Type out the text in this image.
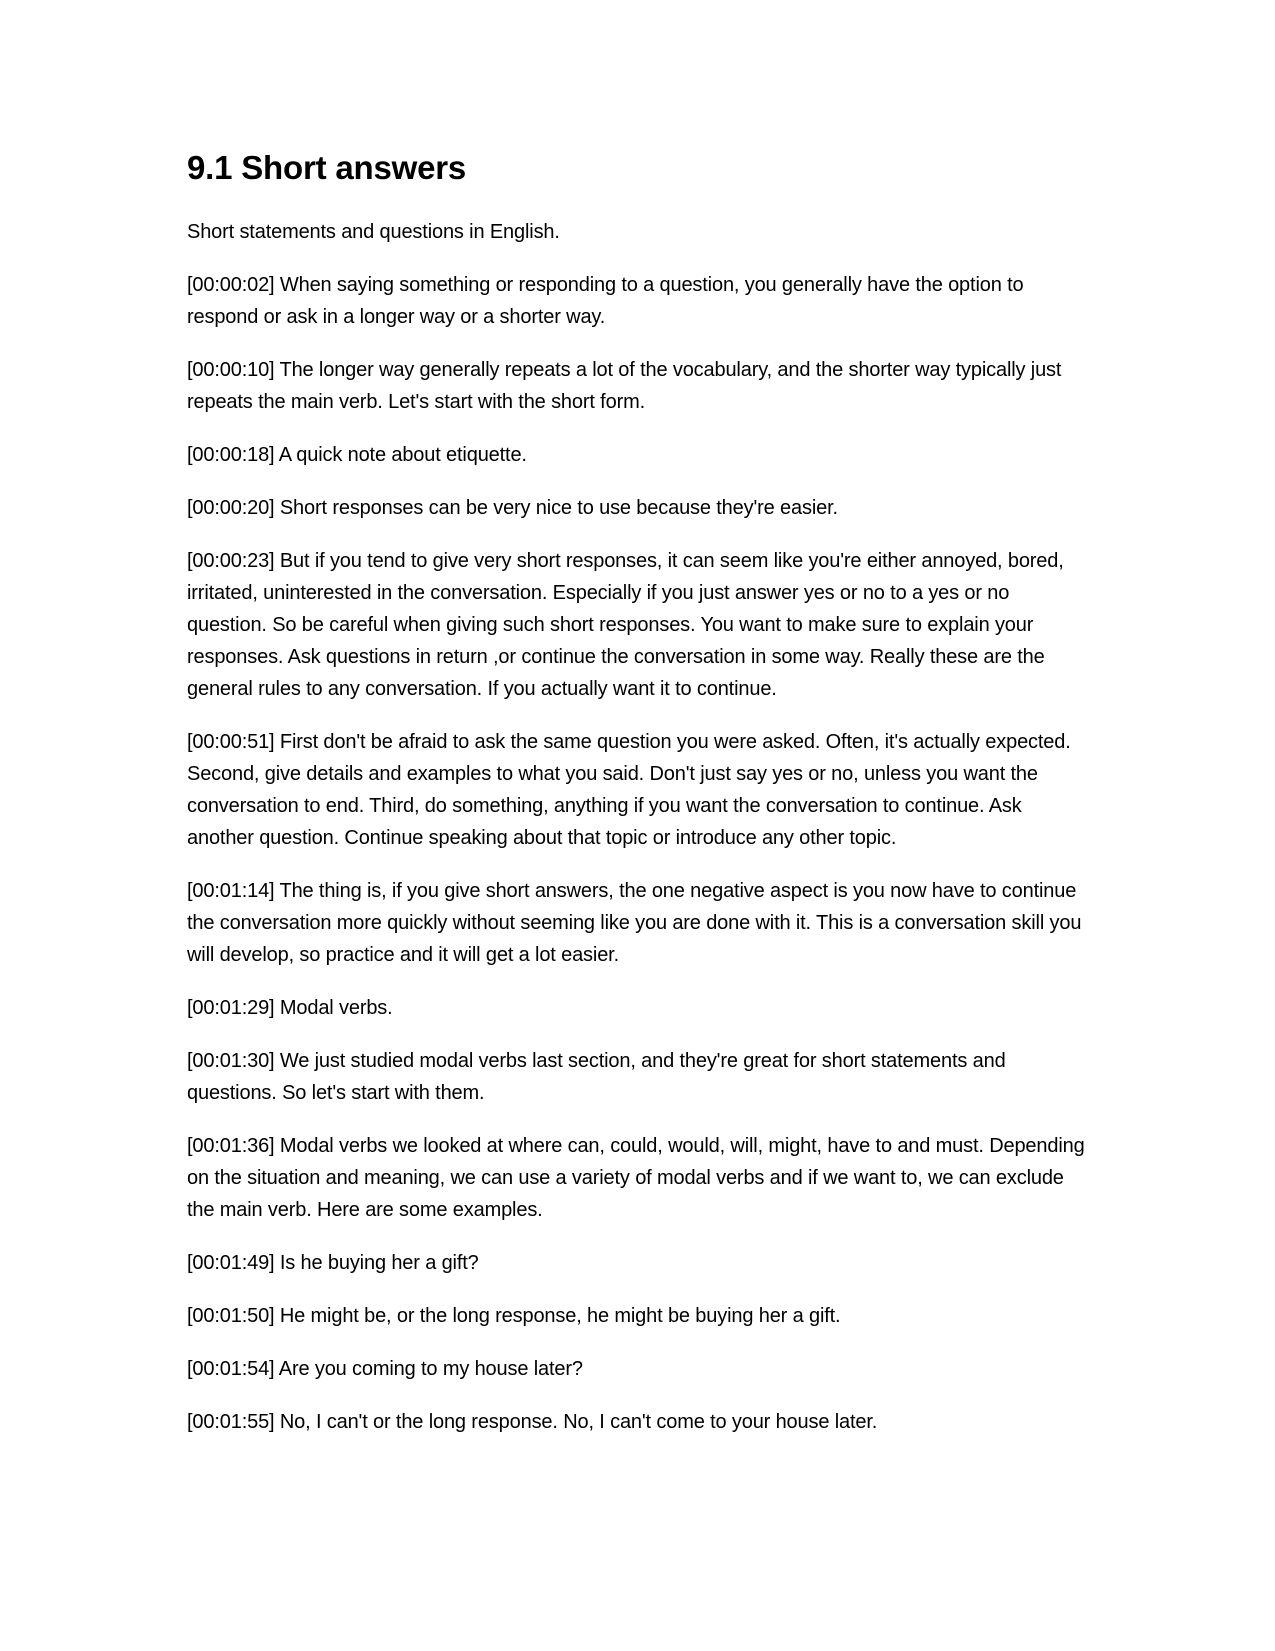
9.1 Short answers

Short statements and questions in English.

[00:00:02] When saying something or responding to a question, you generally have the option to respond or ask in a longer way or a shorter way.

[00:00:10] The longer way generally repeats a lot of the vocabulary, and the shorter way typically just repeats the main verb. Let's start with the short form.

[00:00:18] A quick note about etiquette.

[00:00:20] Short responses can be very nice to use because they're easier.

[00:00:23] But if you tend to give very short responses, it can seem like you're either annoyed, bored, irritated, uninterested in the conversation. Especially if you just answer yes or no to a yes or no question. So be careful when giving such short responses. You want to make sure to explain your responses. Ask questions in return ,or continue the conversation in some way. Really these are the general rules to any conversation. If you actually want it to continue.

[00:00:51] First don't be afraid to ask the same question you were asked. Often, it's actually expected. Second, give details and examples to what you said. Don't just say yes or no, unless you want the conversation to end. Third, do something, anything if you want the conversation to continue. Ask another question. Continue speaking about that topic or introduce any other topic.

[00:01:14] The thing is, if you give short answers, the one negative aspect is you now have to continue the conversation more quickly without seeming like you are done with it. This is a conversation skill you will develop, so practice and it will get a lot easier.

[00:01:29] Modal verbs.

[00:01:30] We just studied modal verbs last section, and they're great for short statements and questions. So let's start with them.

[00:01:36] Modal verbs we looked at where can, could, would, will, might, have to and must. Depending on the situation and meaning, we can use a variety of modal verbs and if we want to, we can exclude the main verb. Here are some examples.

[00:01:49] Is he buying her a gift?

[00:01:50] He might be, or the long response, he might be buying her a gift.

[00:01:54] Are you coming to my house later?

[00:01:55] No, I can't or the long response. No, I can't come to your house later.
